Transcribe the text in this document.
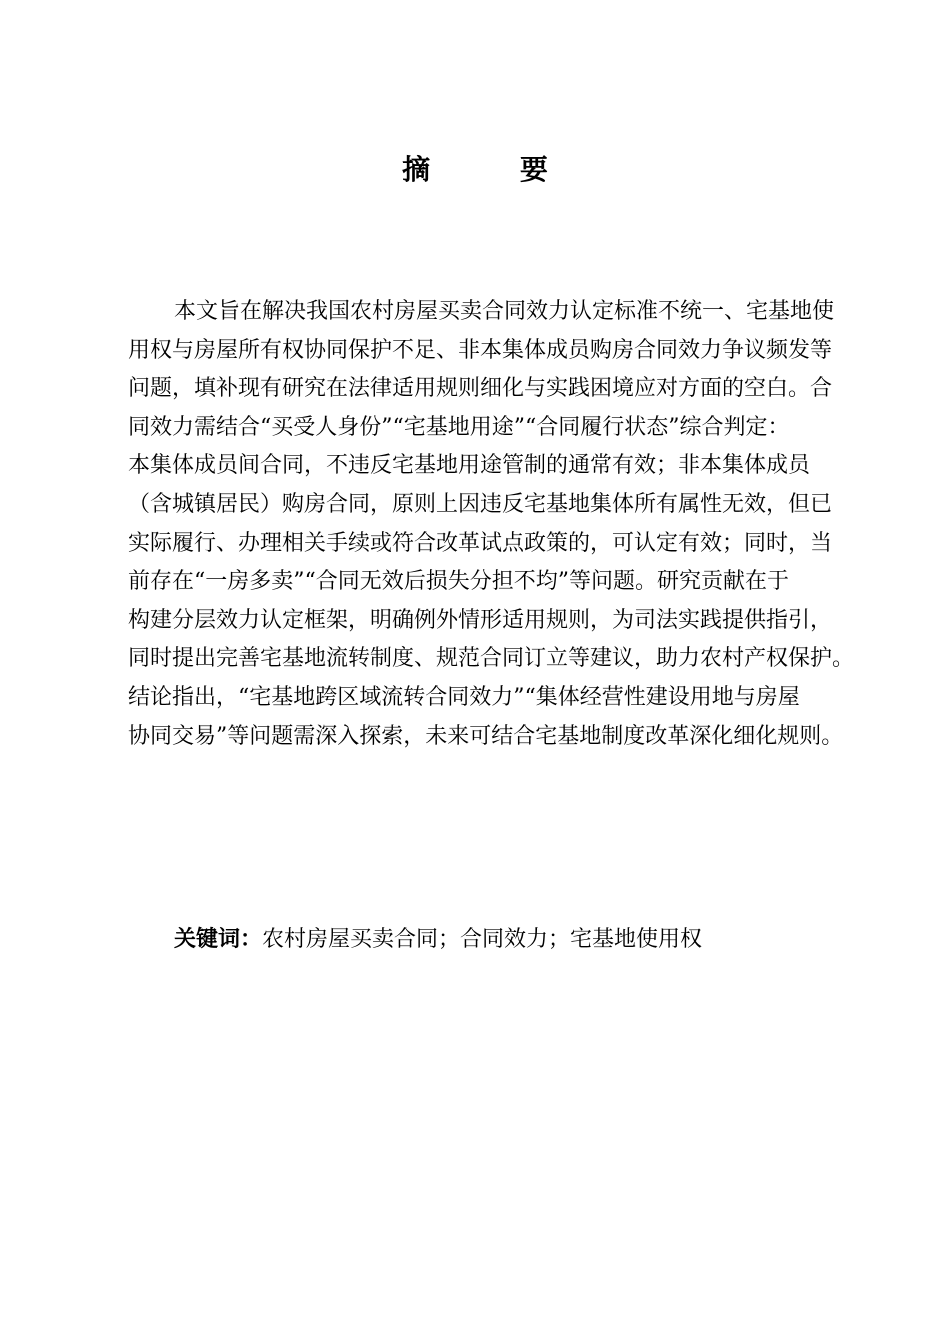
摘 要
本文旨在解决我国农村房屋买卖合同效力认定标准不统一、宅基地使
用权与房屋所有权协同保护不足、非本集体成员购房合同效力争议频发等
问题，填补现有研究在法律适用规则细化与实践困境应对方面的空白。合
同效力需结合“买受人身份”“宅基地用途”“合同履行状态”综合判定：
本集体成员间合同，不违反宅基地用途管制的通常有效；非本集体成员
（含城镇居民）购房合同，原则上因违反宅基地集体所有属性无效，但已
实际履行、办理相关手续或符合改革试点政策的，可认定有效；同时，当
前存在“一房多卖”“合同无效后损失分担不均”等问题。研究贡献在于
构建分层效力认定框架，明确例外情形适用规则，为司法实践提供指引，
同时提出完善宅基地流转制度、规范合同订立等建议，助力农村产权保护。
结论指出，“宅基地跨区域流转合同效力”“集体经营性建设用地与房屋
协同交易”等问题需深入探索，未来可结合宅基地制度改革深化细化规则。
关键词：农村房屋买卖合同；合同效力；宅基地使用权
